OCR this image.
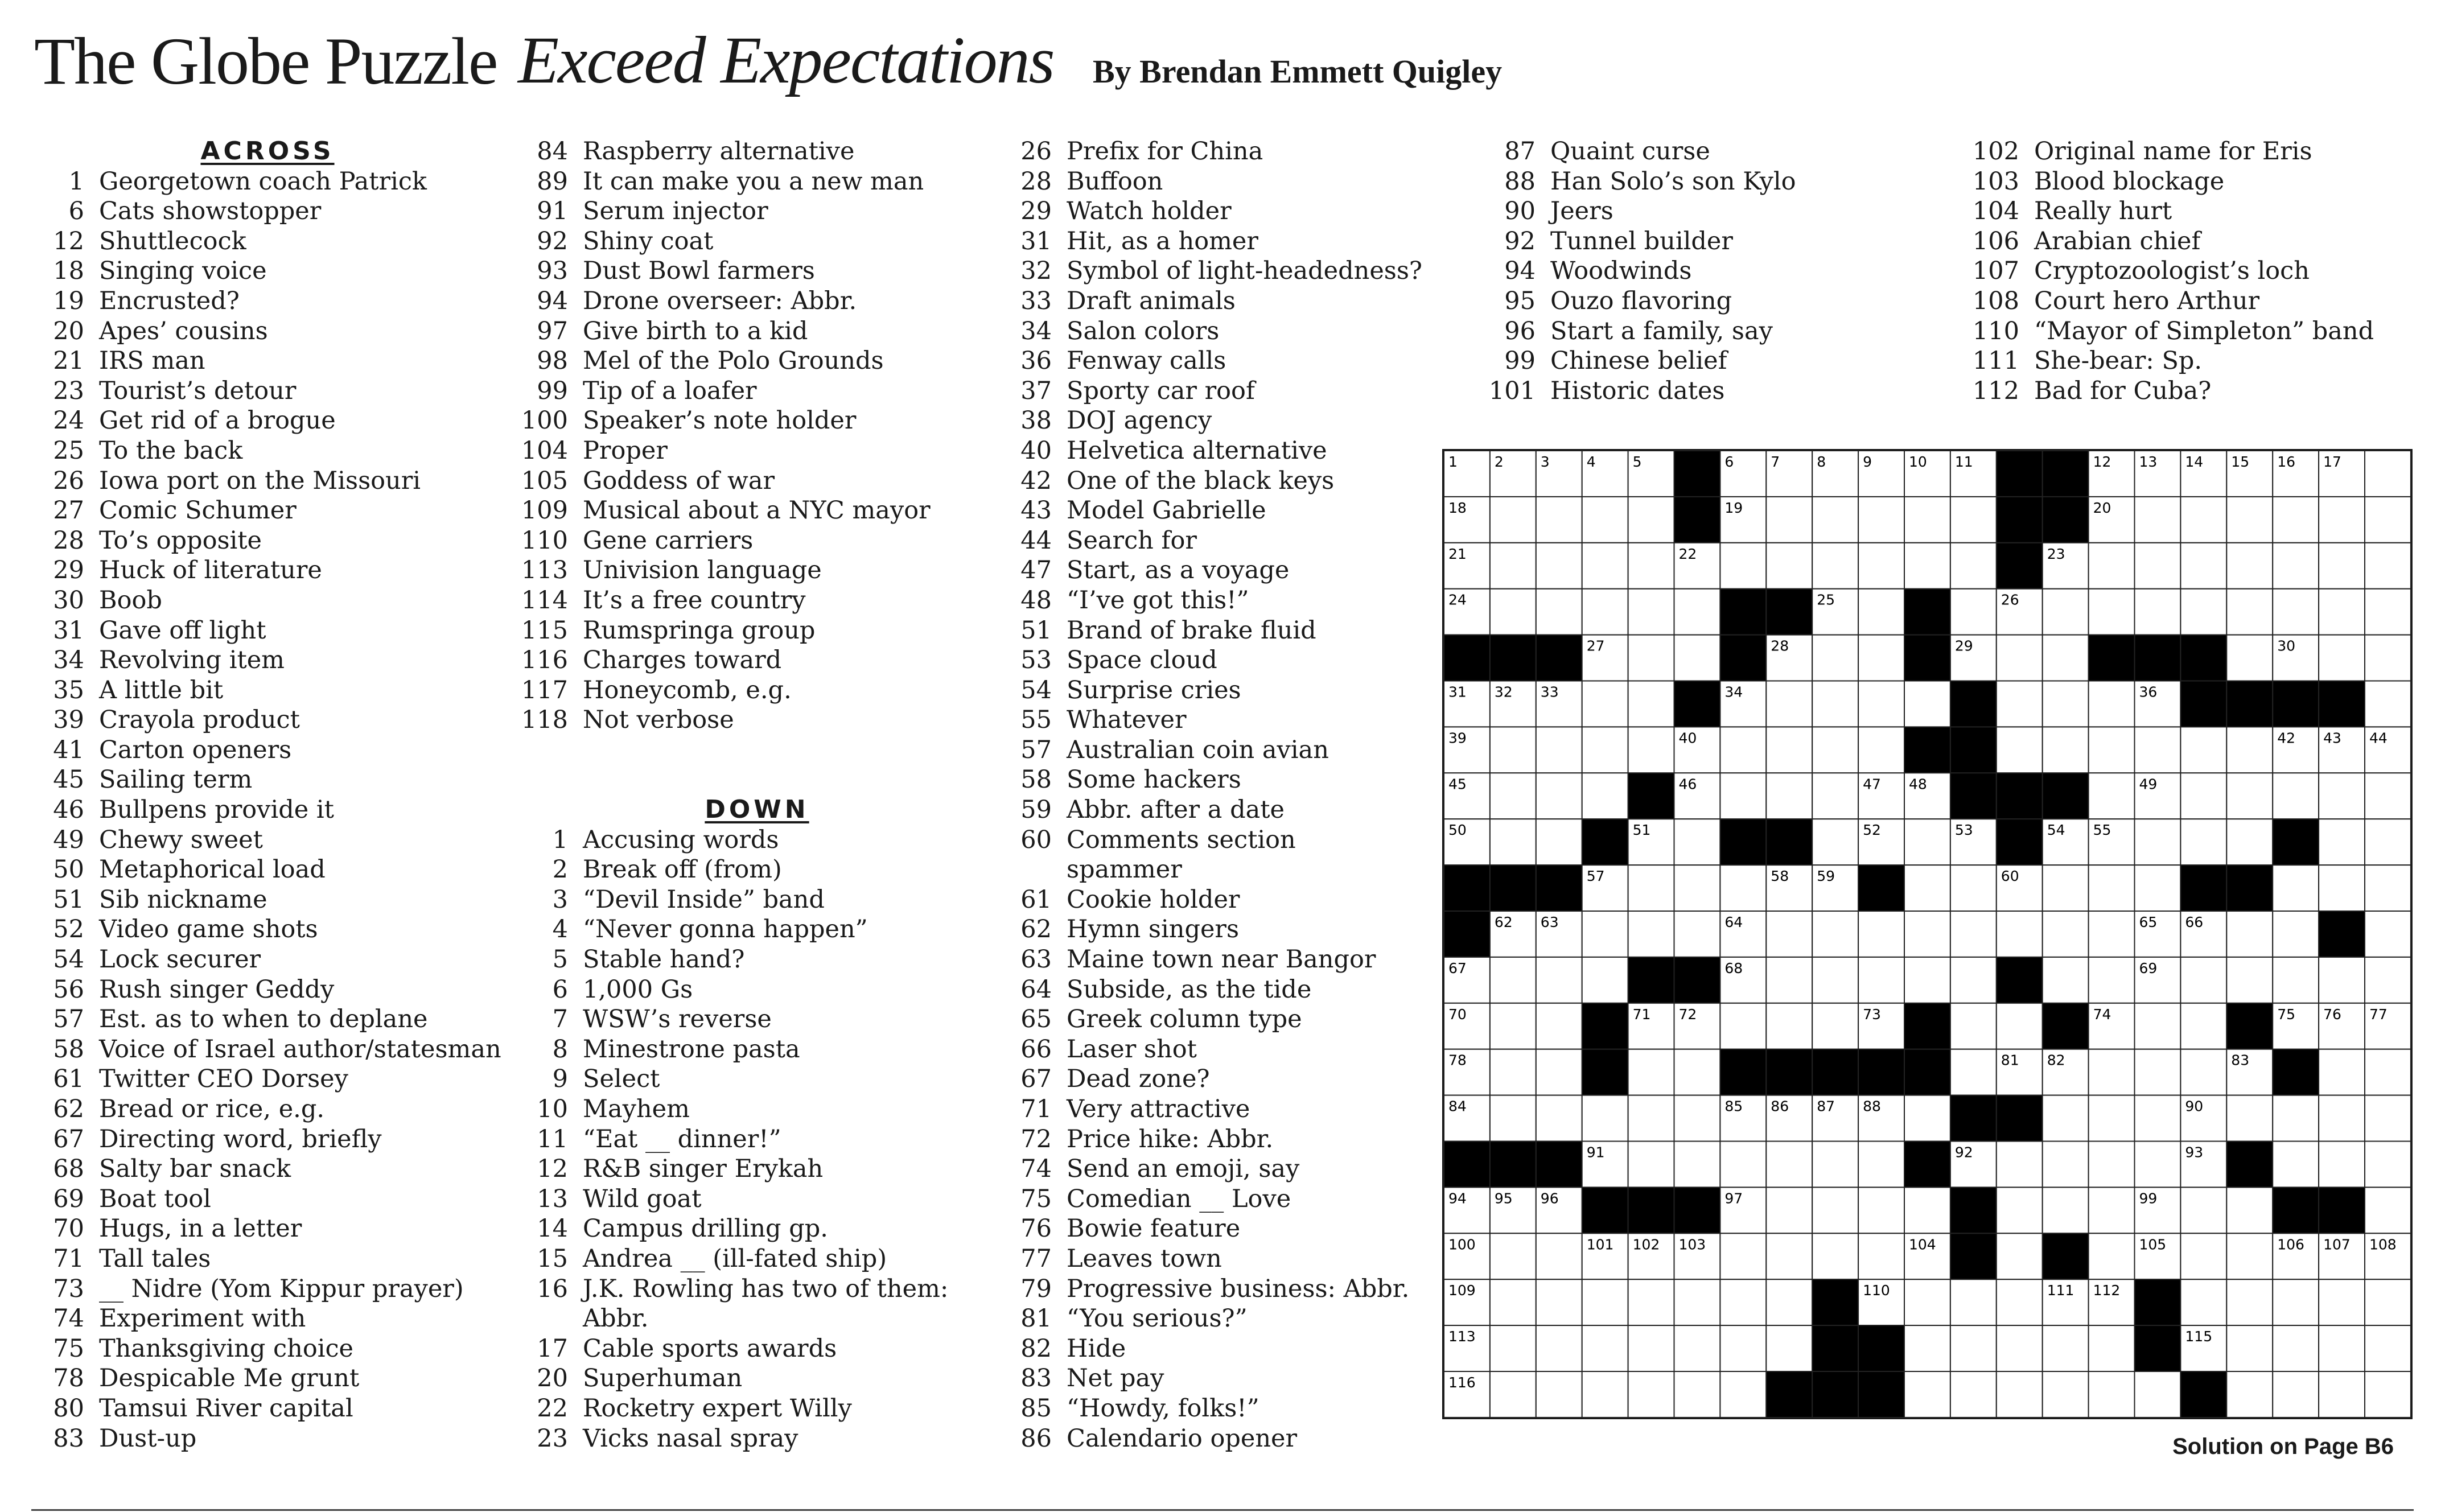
The Globe Puzzle Exceed Expectations By Brendan Emmett Quigley
ACROSS
1 Georgetown coach Patrick
6 Cats showstopper
12 Shuttlecock
18 Singing voice
19 Encrusted?
20 Apes’ cousins
21 IRS man
23 Tourist’s detour
24 Get rid of a brogue
25 To the back
26 Iowa port on the Missouri
27 Comic Schumer
28 To’s opposite
29 Huck of literature
30 Boob
31 Gave off light
34 Revolving item
35 A little bit
39 Crayola product
41 Carton openers
45 Sailing term
46 Bullpens provide it
49 Chewy sweet
50 Metaphorical load
51 Sib nickname
52 Video game shots
54 Lock securer
56 Rush singer Geddy
57 Est. as to when to deplane
58 Voice of Israel author/statesman
61 Twitter CEO Dorsey
62 Bread or rice, e.g.
67 Directing word, briefly
68 Salty bar snack
69 Boat tool
70 Hugs, in a letter
71 Tall tales
73 __ Nidre (Yom Kippur prayer)
74 Experiment with
75 Thanksgiving choice
78 Despicable Me grunt
80 Tamsui River capital
83 Dust-up
84 Raspberry alternative
89 It can make you a new man
91 Serum injector
92 Shiny coat
93 Dust Bowl farmers
94 Drone overseer: Abbr.
97 Give birth to a kid
98 Mel of the Polo Grounds
99 Tip of a loafer
100 Speaker’s note holder
104 Proper
105 Goddess of war
109 Musical about a NYC mayor
110 Gene carriers
113 Univision language
114 It’s a free country
115 Rumspringa group
116 Charges toward
117 Honeycomb, e.g.
118 Not verbose
DOWN
1 Accusing words
2 Break off (from)
3 “Devil Inside” band
4 “Never gonna happen”
5 Stable hand?
6 1,000 Gs
7 WSW’s reverse
8 Minestrone pasta
9 Select
10 Mayhem
11 “Eat __ dinner!”
12 R&B singer Erykah
13 Wild goat
14 Campus drilling gp.
15 Andrea __ (ill-fated ship)
16 J.K. Rowling has two of them:
Abbr.
17 Cable sports awards
20 Superhuman
22 Rocketry expert Willy
23 Vicks nasal spray
26 Prefix for China
28 Buffoon
29 Watch holder
31 Hit, as a homer
32 Symbol of light-headedness?
33 Draft animals
34 Salon colors
36 Fenway calls
37 Sporty car roof
38 DOJ agency
40 Helvetica alternative
42 One of the black keys
43 Model Gabrielle
44 Search for
47 Start, as a voyage
48 “I’ve got this!”
51 Brand of brake fluid
53 Space cloud
54 Surprise cries
55 Whatever
57 Australian coin avian
58 Some hackers
59 Abbr. after a date
60 Comments section
spammer
61 Cookie holder
62 Hymn singers
63 Maine town near Bangor
64 Subside, as the tide
65 Greek column type
66 Laser shot
67 Dead zone?
71 Very attractive
72 Price hike: Abbr.
74 Send an emoji, say
75 Comedian __ Love
76 Bowie feature
77 Leaves town
79 Progressive business: Abbr.
81 “You serious?”
82 Hide
83 Net pay
85 “Howdy, folks!”
86 Calendario opener
87 Quaint curse
88 Han Solo’s son Kylo
90 Jeers
92 Tunnel builder
94 Woodwinds
95 Ouzo flavoring
96 Start a family, say
99 Chinese belief
101 Historic dates
102 Original name for Eris
103 Blood blockage
104 Really hurt
106 Arabian chief
107 Cryptozoologist’s loch
108 Court hero Arthur
110 “Mayor of Simpleton” band
111 She-bear: Sp.
112 Bad for Cuba?
1	2	3	4	5	6	7	8	9	10 11	12 13 14 15 16 17
18	19	20
21	22	23
24	25	26
27	28	29	30
31 32 33	34	35	36 37 38
39	40	41	42 43 44
45	46	47 48	49
50	51	52	53	54 55	56
57	58 59	60	61
62 63	64	65 66
67	68	69
70	71 72	73	74	75 76 77
78	79	80	81 82	83
84	85 86 87 88	89	90
91	92	93
94 95 96	97	98	99
100	101 102 103	104	105	106 107 108
109	110	111 112
113	114	115
116	117	118
Solution on Page B6
